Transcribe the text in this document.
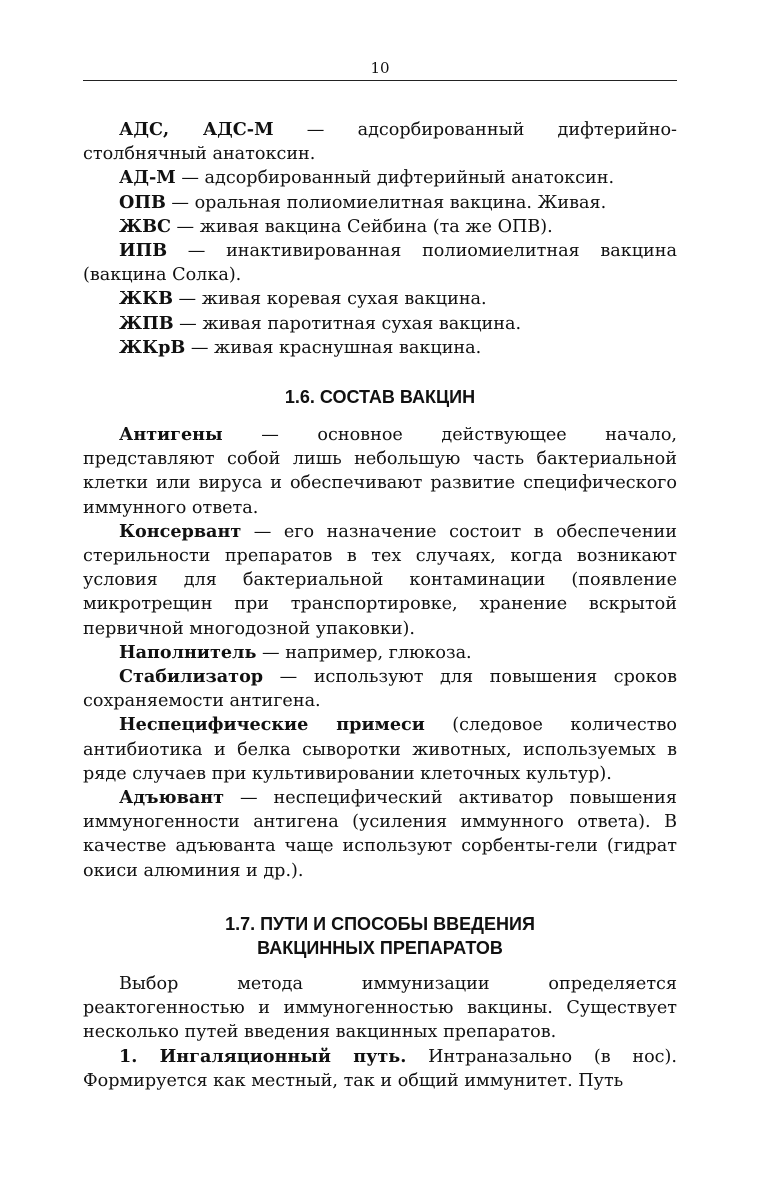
10

АДС, АДС-М — адсорбированный дифтерийно-столбнячный анатоксин.

АД-М — адсорбированный дифтерийный анатоксин.

ОПВ — оральная полиомиелитная вакцина. Живая.

ЖВС — живая вакцина Сейбина (та же ОПВ).

ИПВ — инактивированная полиомиелитная вакцина (вакцина Солка).

ЖКВ — живая коревая сухая вакцина.

ЖПВ — живая паротитная сухая вакцина.

ЖКрВ — живая краснушная вакцина.

1.6. СОСТАВ ВАКЦИН

Антигены — основное действующее начало, представляют собой лишь небольшую часть бактериальной клетки или вируса и обеспечивают развитие специфического иммунного ответа.

Консервант — его назначение состоит в обеспечении стерильности препаратов в тех случаях, когда возникают условия для бактериальной контаминации (появление микротрещин при транспортировке, хранение вскрытой первичной многодозной упаковки).

Наполнитель — например, глюкоза.

Стабилизатор — используют для повышения сроков сохраняемости антигена.

Неспецифические примеси (следовое количество антибиотика и белка сыворотки животных, используемых в ряде случаев при культивировании клеточных культур).

Адъювант — неспецифический активатор повышения иммуногенности антигена (усиления иммунного ответа). В качестве адъюванта чаще используют сорбенты-гели (гидрат окиси алюминия и др.).

1.7. ПУТИ И СПОСОБЫ ВВЕДЕНИЯ
ВАКЦИННЫХ ПРЕПАРАТОВ

Выбор метода иммунизации определяется реактогенностью и иммуногенностью вакцины. Существует несколько путей введения вакцинных препаратов.

1. Ингаляционный путь. Интраназально (в нос). Формируется как местный, так и общий иммунитет. Путь
